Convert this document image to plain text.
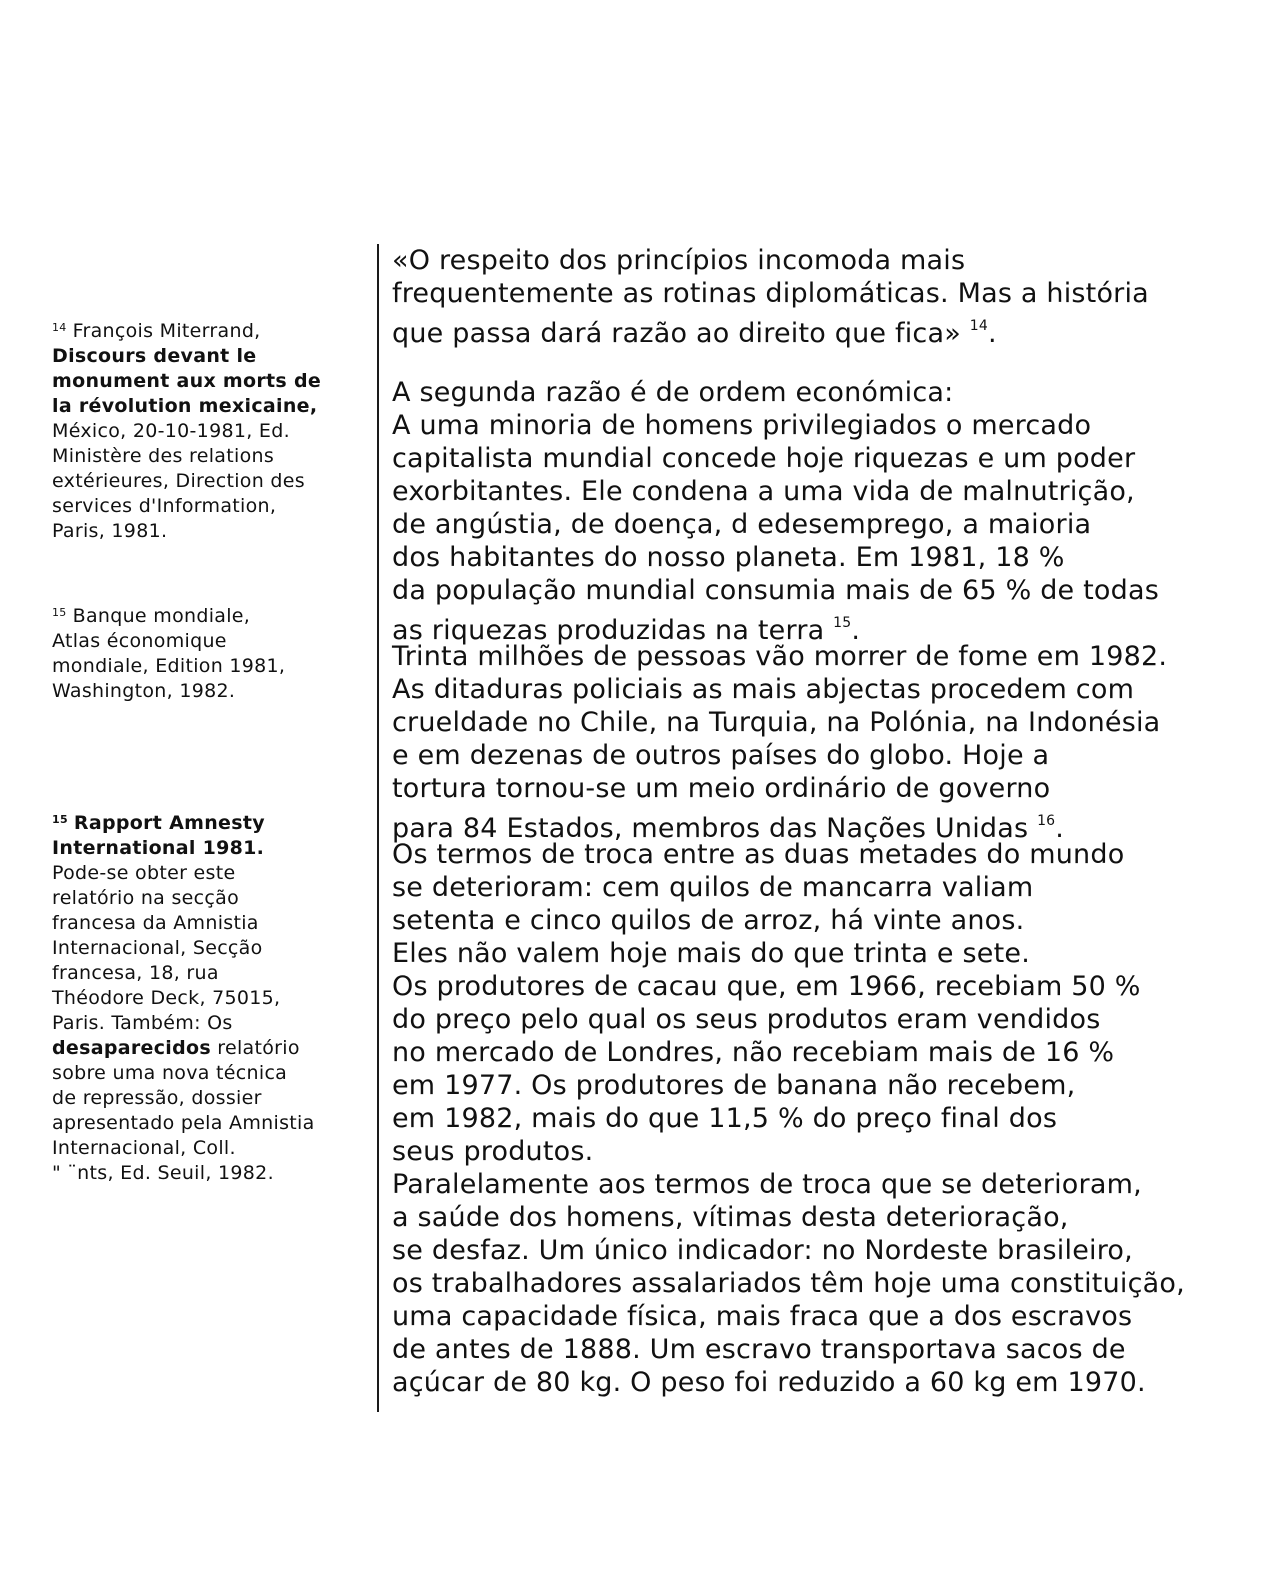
$^{14}$ François Miterrand,
Discours devant le
monument aux morts de
la révolution mexicaine,
México, 20-10-1981, Ed.
Ministère des relations
extérieures, Direction des
services d'Information,
Paris, 1981.
$^{15}$ Banque mondiale,
Atlas économique
mondiale, Edition 1981,
Washington, 1982.
$^{15}$ Rapport Amnesty
International 1981.
Pode-se obter este
relatório na secção
francesa da Amnistia
Internacional, Secção
francesa, 18, rua
Théodore Deck, 75015,
Paris. Também: Os
desaparecidos relatório
sobre uma nova técnica
de repressão, dossier
apresentado pela Amnistia
Internacional, Coll.
" ¨nts, Ed. Seuil, 1982.
«O respeito dos princípios incomoda mais
frequentemente as rotinas diplomáticas. Mas a história
que passa dará razão ao direito que fica» $^{14}$.
A segunda razão é de ordem económica:
A uma minoria de homens privilegiados o mercado
capitalista mundial concede hoje riquezas e um poder
exorbitantes. Ele condena a uma vida de malnutrição,
de angústia, de doença, d edesemprego, a maioria
dos habitantes do nosso planeta. Em 1981, 18 %
da população mundial consumia mais de 65 % de todas
as riquezas produzidas na terra $^{15}$.
Trinta milhões de pessoas vão morrer de fome em 1982.
As ditaduras policiais as mais abjectas procedem com
crueldade no Chile, na Turquia, na Polónia, na Indonésia
e em dezenas de outros países do globo. Hoje a
tortura tornou-se um meio ordinário de governo
para 84 Estados, membros das Nações Unidas $^{16}$.
Os termos de troca entre as duas metades do mundo
se deterioram: cem quilos de mancarra valiam
setenta e cinco quilos de arroz, há vinte anos.
Eles não valem hoje mais do que trinta e sete.
Os produtores de cacau que, em 1966, recebiam 50 %
do preço pelo qual os seus produtos eram vendidos
no mercado de Londres, não recebiam mais de 16 %
em 1977. Os produtores de banana não recebem,
em 1982, mais do que 11,5 % do preço final dos
seus produtos.
Paralelamente aos termos de troca que se deterioram,
a saúde dos homens, vítimas desta deterioração,
se desfaz. Um único indicador: no Nordeste brasileiro,
os trabalhadores assalariados têm hoje uma constituição,
uma capacidade física, mais fraca que a dos escravos
de antes de 1888. Um escravo transportava sacos de
açúcar de 80 kg. O peso foi reduzido a 60 kg em 1970.
